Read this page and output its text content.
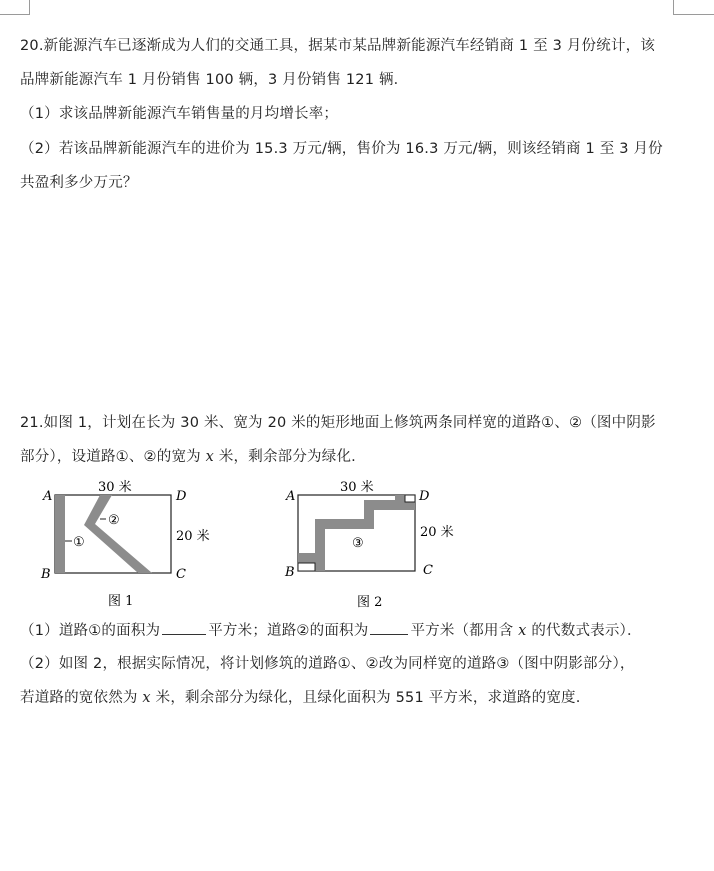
20.新能源汽车已逐渐成为人们的交通工具，据某市某品牌新能源汽车经销商 1 至 3 月份统计，该
品牌新能源汽车 1 月份销售 100 辆，3 月份销售 121 辆．
（1）求该品牌新能源汽车销售量的月均增长率；
（2）若该品牌新能源汽车的进价为 15.3 万元/辆，售价为 16.3 万元/辆，则该经销商 1 至 3 月份
共盈利多少万元？
21.如图 1，计划在长为 30 米、宽为 20 米的矩形地面上修筑两条同样宽的道路①、②（图中阴影
部分），设道路①、②的宽为 x 米，剩余部分为绿化.
A
B	C
D
30 米
20 米
①
②
图 1
A
B	C
D
30 米
20 米
③
图 2
（1）道路①的面积为	平方米；道路②的面积为	平方米（都用含 x 的代数式表示）．
（2）如图 2，根据实际情况，将计划修筑的道路①、②改为同样宽的道路③（图中阴影部分），
若道路的宽依然为 x 米，剩余部分为绿化，且绿化面积为 551 平方米，求道路的宽度.
